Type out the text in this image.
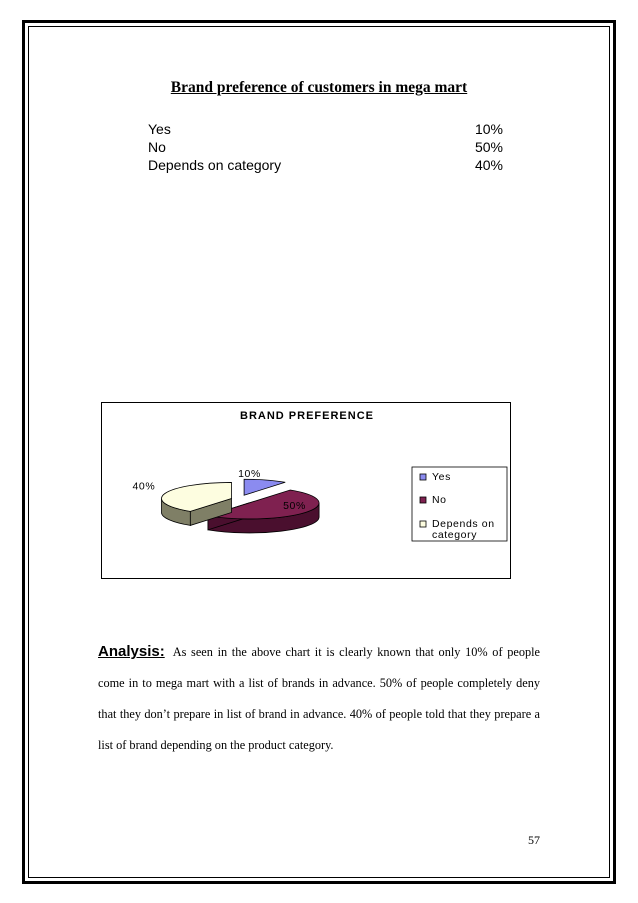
Brand preference of customers in mega mart
Yes	10%
No	50%
Depends on category	40%
BRAND PREFERENCE
10%
50%
40%
Yes
No
Depends on category
Analysis: As seen in the above chart it is clearly known that only 10% of people come in to mega mart with a list of brands in advance. 50% of people completely deny that they don’t prepare in list of brand in advance. 40% of people told that they prepare a list of brand depending on the product category.
57
